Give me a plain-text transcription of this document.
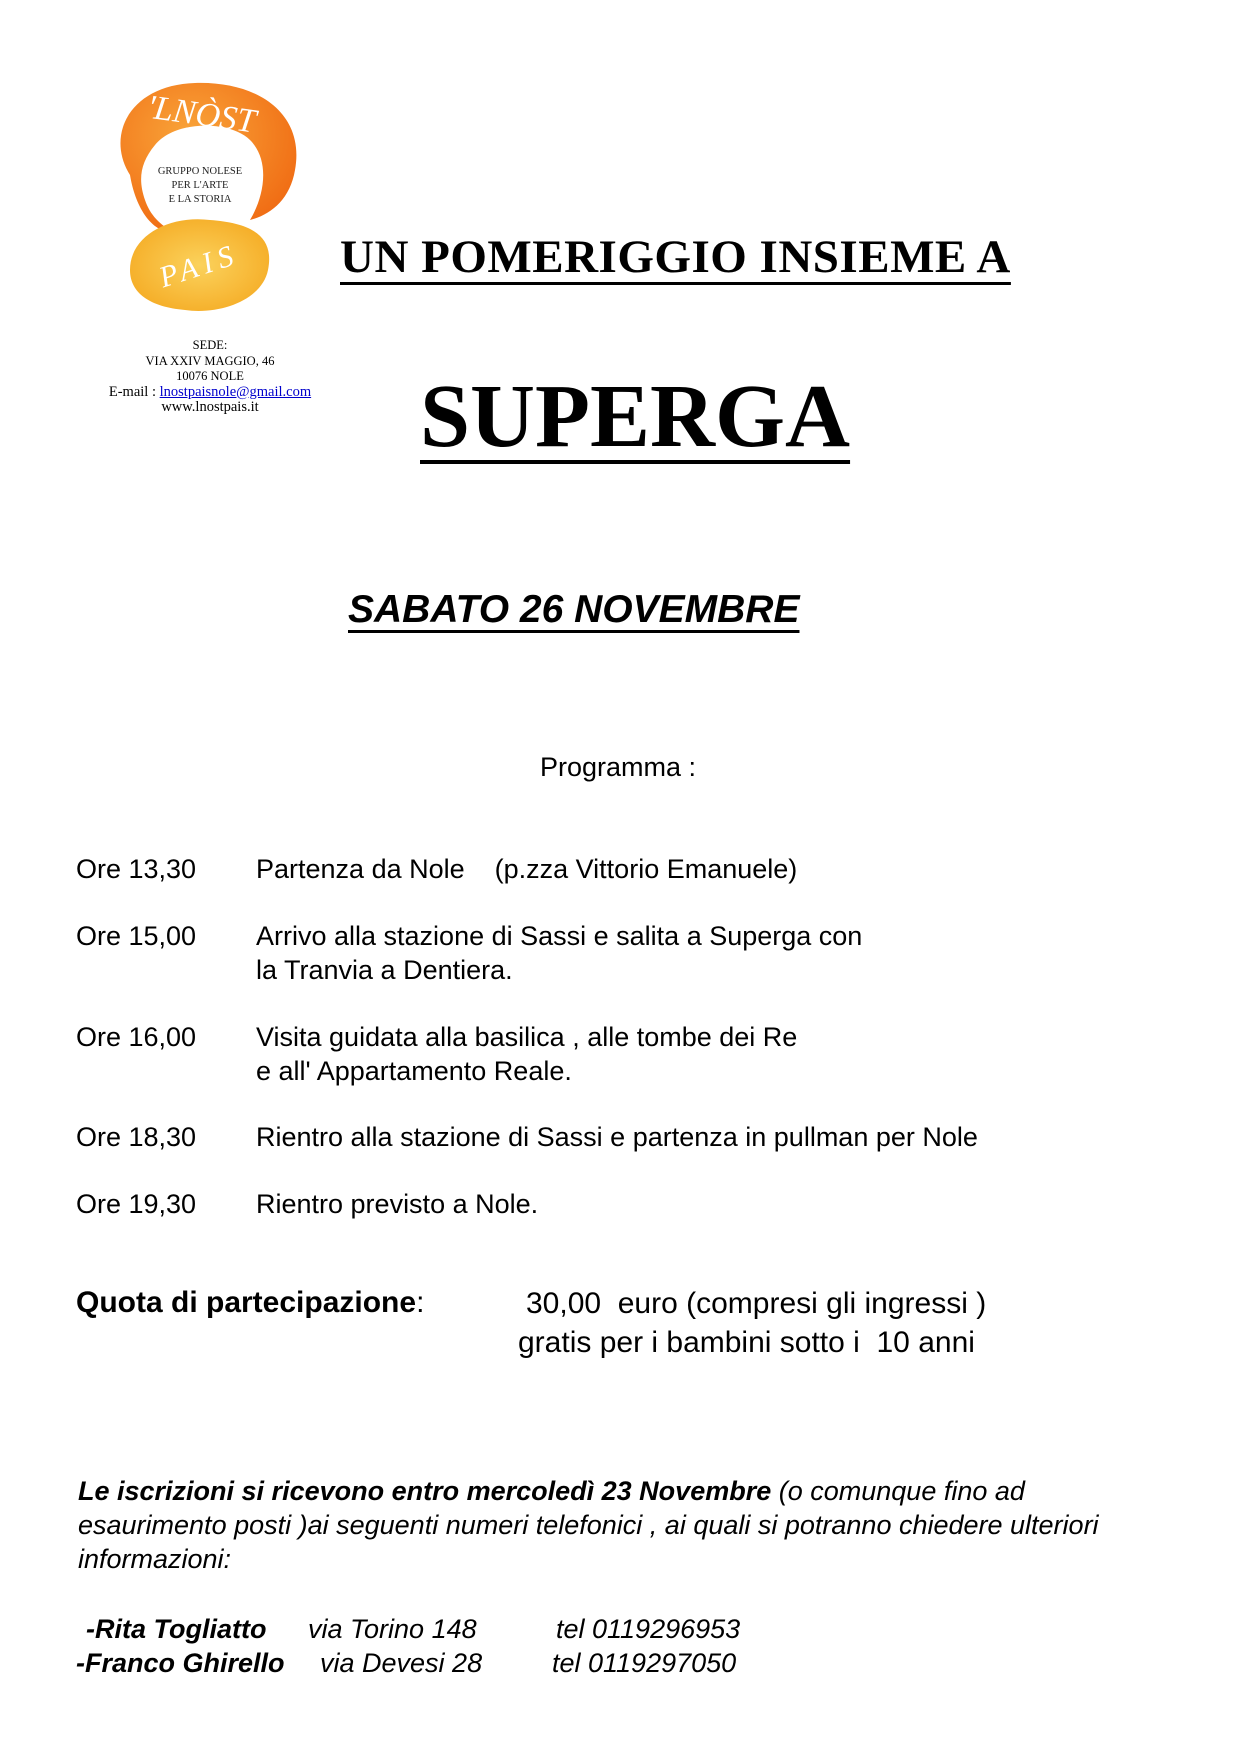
'LNÒST
PAIS
GRUPPO NOLESE
PER L'ARTE
E LA STORIA
SEDE:
VIA XXIV MAGGIO, 46
10076 NOLE
E-mail : lnostpaisnole@gmail.com
www.lnostpais.it
UN POMERIGGIO INSIEME A
SUPERGA
SABATO 26 NOVEMBRE
Programma :
Ore 13,30 Partenza da Nole    (p.zza Vittorio Emanuele)
Ore 15,00 Arrivo alla stazione di Sassi e salita a Superga con
la Tranvia a Dentiera.
Ore 16,00 Visita guidata alla basilica , alle tombe dei Re
e all' Appartamento Reale.
Ore 18,30 Rientro alla stazione di Sassi e partenza in pullman per Nole
Ore 19,30 Rientro previsto a Nole.
Quota di partecipazione:	30,00  euro (compresi gli ingressi )
gratis per i bambini sotto i  10 anni
Le iscrizioni si ricevono entro mercoledì 23 Novembre (o comunque fino ad esaurimento posti )ai seguenti numeri telefonici , ai quali si potranno chiedere ulteriori informazioni:
-Rita Togliatto via Torino 148	tel 0119296953
-Franco Ghirello via Devesi 28	tel 0119297050
